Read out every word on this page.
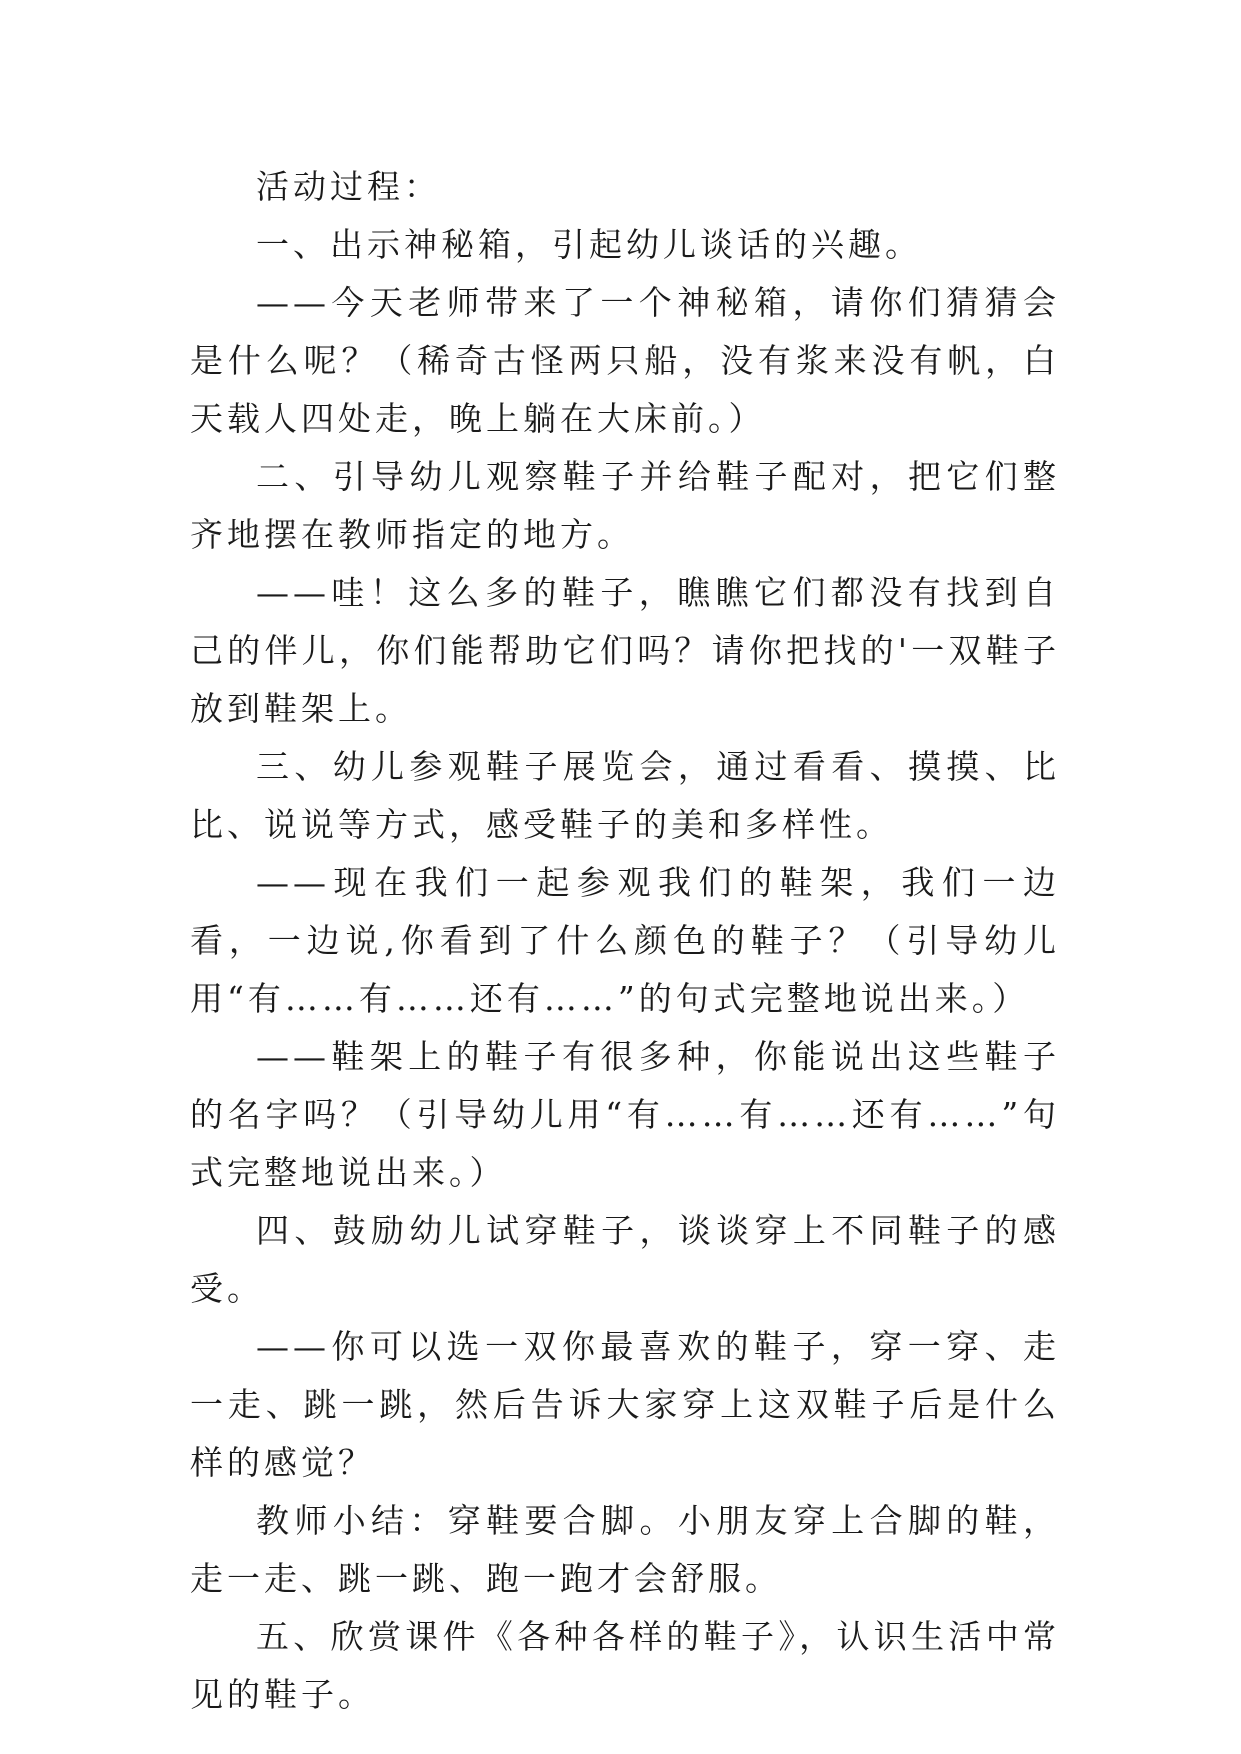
活动过程：

一、出示神秘箱，引起幼儿谈话的兴趣。

——今天老师带来了一个神秘箱，请你们猜猜会是什么呢？（稀奇古怪两只船，没有浆来没有帆，白天载人四处走，晚上躺在大床前。）

二、引导幼儿观察鞋子并给鞋子配对，把它们整齐地摆在教师指定的地方。

——哇！这么多的鞋子，瞧瞧它们都没有找到自己的伴儿，你们能帮助它们吗？请你把找的'一双鞋子放到鞋架上。

三、幼儿参观鞋子展览会，通过看看、摸摸、比比、说说等方式，感受鞋子的美和多样性。

——现在我们一起参观我们的鞋架，我们一边看，一边说,你看到了什么颜色的鞋子？（引导幼儿用“有……有……还有……”的句式完整地说出来。）

——鞋架上的鞋子有很多种，你能说出这些鞋子的名字吗？（引导幼儿用“有……有……还有……”句式完整地说出来。）

四、鼓励幼儿试穿鞋子，谈谈穿上不同鞋子的感受。

——你可以选一双你最喜欢的鞋子，穿一穿、走一走、跳一跳，然后告诉大家穿上这双鞋子后是什么样的感觉？

教师小结：穿鞋要合脚。小朋友穿上合脚的鞋，走一走、跳一跳、跑一跑才会舒服。

五、欣赏课件《各种各样的鞋子》，认识生活中常见的鞋子。
